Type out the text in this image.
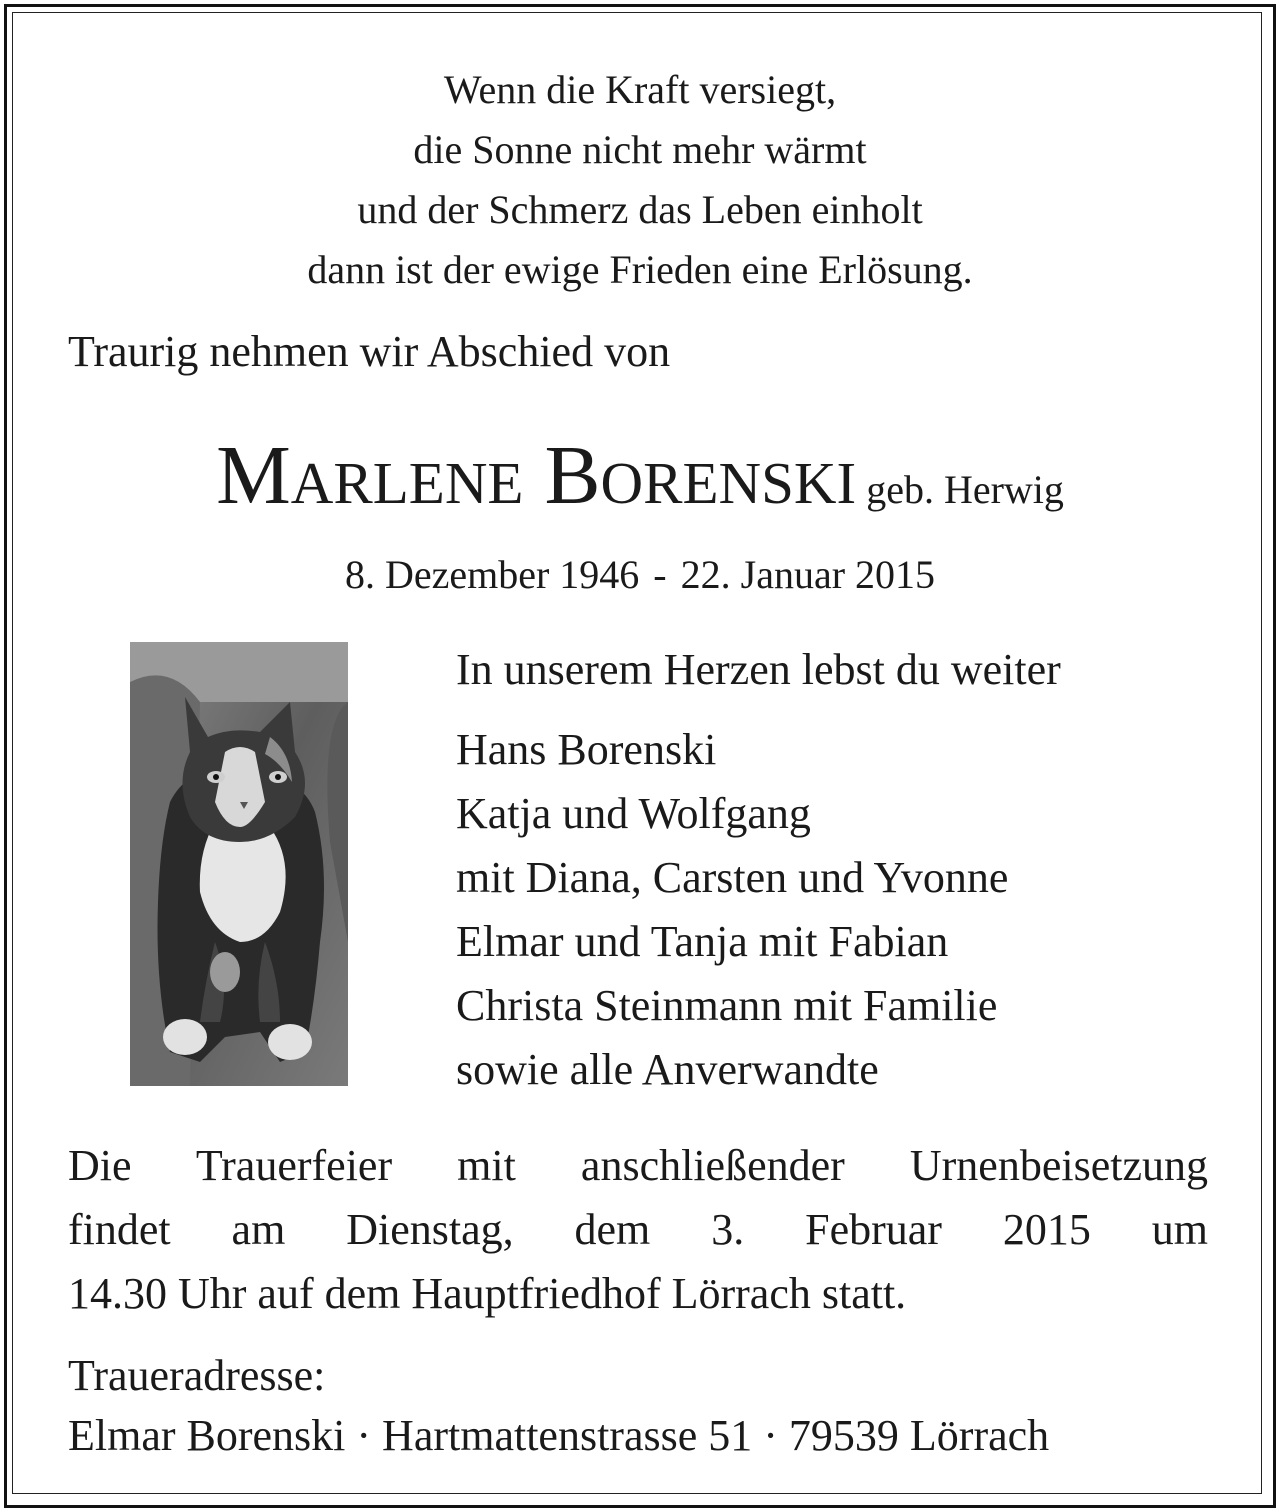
Wenn die Kraft versiegt,
die Sonne nicht mehr wärmt
und der Schmerz das Leben einholt
dann ist der ewige Frieden eine Erlösung.
Traurig nehmen wir Abschied von
Marlene Borenski geb. Herwig
8. Dezember 1946 - 22. Januar 2015
In unserem Herzen lebst du weiter
Hans Borenski
Katja und Wolfgang
mit Diana, Carsten und Yvonne
Elmar und Tanja mit Fabian
Christa Steinmann mit Familie
sowie alle Anverwandte
Die Trauerfeier mit anschließender Urnenbeisetzung
findet am Dienstag, dem 3. Februar 2015 um
14.30 Uhr auf dem Hauptfriedhof Lörrach statt.
Traueradresse:
Elmar Borenski · Hartmattenstrasse 51 · 79539 Lörrach
